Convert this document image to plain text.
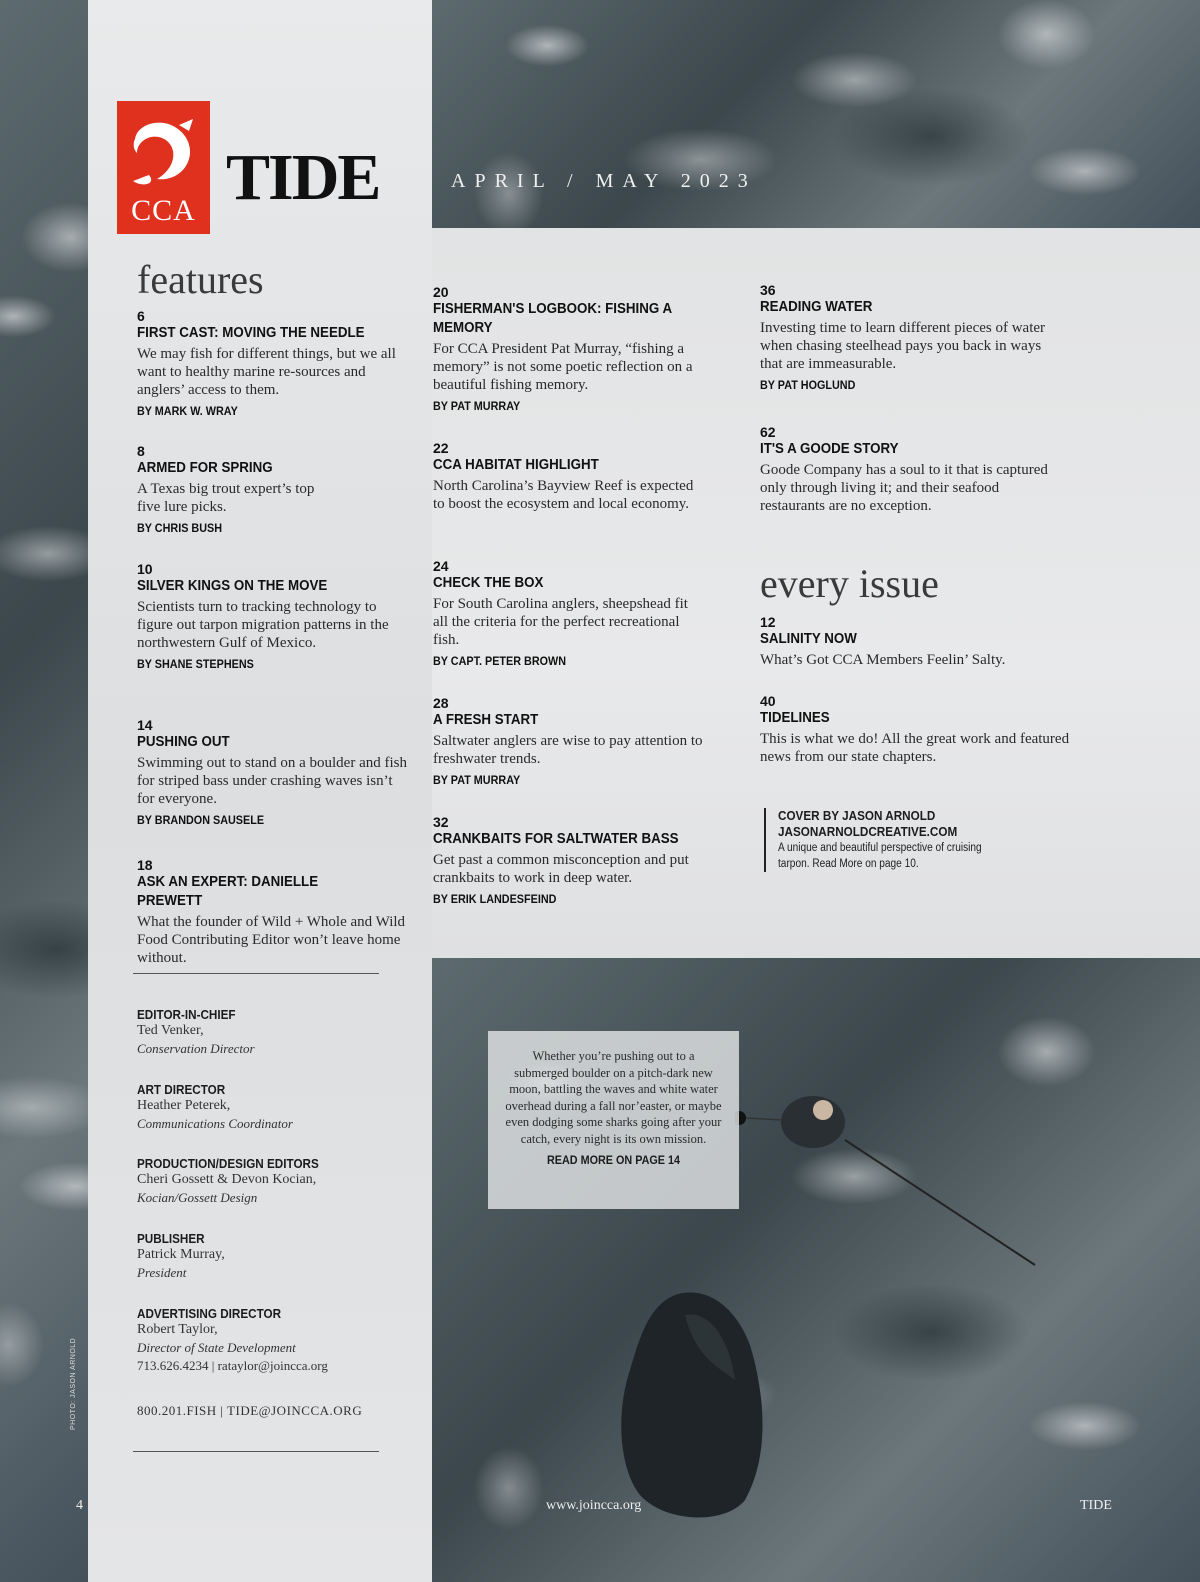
CCA TIDE	APRIL / MAY 2023
features
6
FIRST CAST: MOVING THE NEEDLE
We may fish for different things, but we all want to healthy marine re-sources and anglers’ access to them.
BY MARK W. WRAY
8
ARMED FOR SPRING
A Texas big trout expert’s top five lure picks.
BY CHRIS BUSH
10
SILVER KINGS ON THE MOVE
Scientists turn to tracking technology to figure out tarpon migration patterns in the northwestern Gulf of Mexico.
BY SHANE STEPHENS
14
PUSHING OUT
Swimming out to stand on a boulder and fish for striped bass under crashing waves isn’t for everyone.
BY BRANDON SAUSELE
18
ASK AN EXPERT: DANIELLE PREWETT
What the founder of Wild + Whole and Wild Food Contributing Editor won’t leave home without.
20
FISHERMAN'S LOGBOOK: FISHING A MEMORY
For CCA President Pat Murray, “fishing a memory” is not some poetic reflection on a beautiful fishing memory.
BY PAT MURRAY
22
CCA HABITAT HIGHLIGHT
North Carolina’s Bayview Reef is expected to boost the ecosystem and local economy.
24
CHECK THE BOX
For South Carolina anglers, sheepshead fit all the criteria for the perfect recreational fish.
BY CAPT. PETER BROWN
28
A FRESH START
Saltwater anglers are wise to pay attention to freshwater trends.
BY PAT MURRAY
32
CRANKBAITS FOR SALTWATER BASS
Get past a common misconception and put crankbaits to work in deep water.
BY ERIK LANDESFEIND
36
READING WATER
Investing time to learn different pieces of water when chasing steelhead pays you back in ways that are immeasurable.
BY PAT HOGLUND
62
IT'S A GOODE STORY
Goode Company has a soul to it that is captured only through living it; and their seafood restaurants are no exception.
every issue
12
SALINITY NOW
What’s Got CCA Members Feelin’ Salty.
40
TIDELINES
This is what we do! All the great work and featured news from our state chapters.
COVER BY JASON ARNOLD
JASONARNOLDCREATIVE.COM
A unique and beautiful perspective of cruising tarpon. Read More on page 10.
EDITOR-IN-CHIEF
Ted Venker,
Conservation Director
ART DIRECTOR
Heather Peterek,
Communications Coordinator
PRODUCTION/DESIGN EDITORS
Cheri Gossett & Devon Kocian,
Kocian/Gossett Design
PUBLISHER
Patrick Murray,
President
ADVERTISING DIRECTOR
Robert Taylor,
Director of State Development
713.626.4234 | rataylor@joincca.org
800.201.FISH | TIDE@JOINCCA.ORG
Whether you’re pushing out to a submerged boulder on a pitch-dark new moon, battling the waves and white water overhead during a fall nor’easter, or maybe even dodging some sharks going after your catch, every night is its own mission.
READ MORE ON PAGE 14
PHOTO: JASON ARNOLD
4	www.joincca.org	TIDE
